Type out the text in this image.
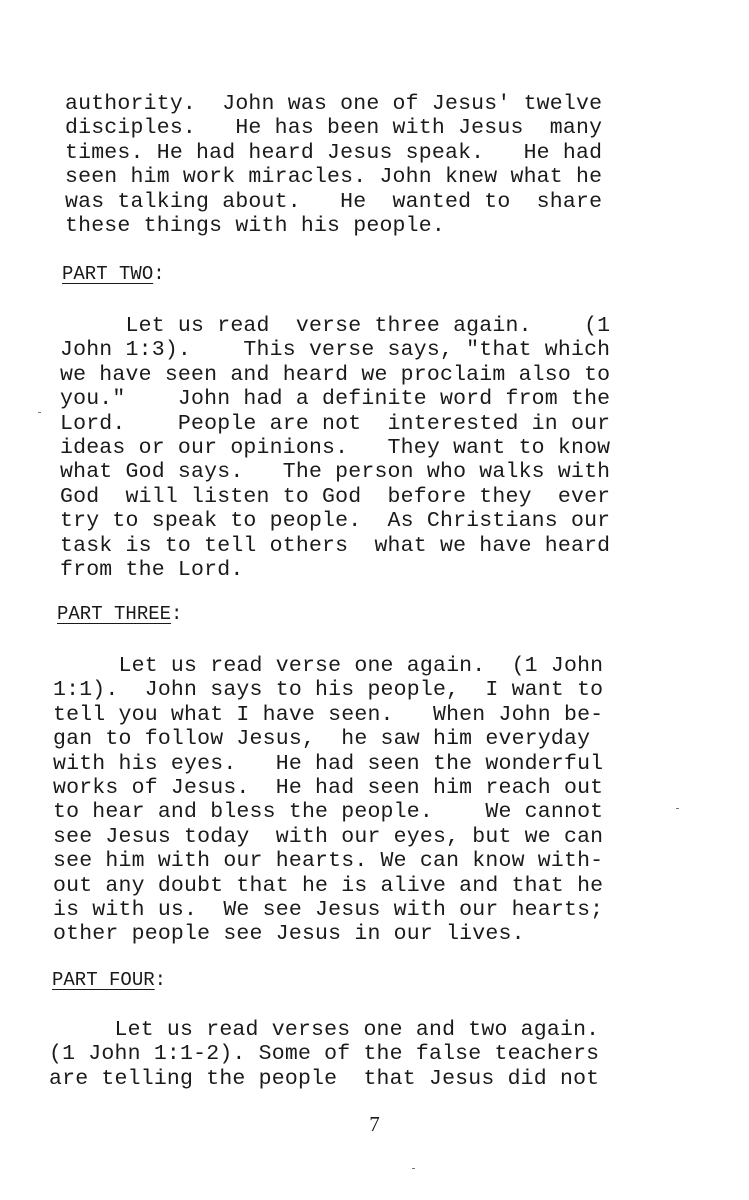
authority.  John was one of Jesus' twelve

disciples.   He has been with Jesus  many

times. He had heard Jesus speak.   He had

seen him work miracles. John knew what he

was talking about.   He  wanted to  share

these things with his people.

PART TWO:

Let us read  verse three again.    (1

John 1:3).    This verse says, "that which

we have seen and heard we proclaim also to

you."    John had a definite word from the

Lord.    People are not  interested in our

ideas or our opinions.   They want to know

what God says.   The person who walks with

God  will listen to God  before they  ever

try to speak to people.  As Christians our

task is to tell others  what we have heard

from the Lord.

PART THREE:

Let us read verse one again.  (1 John

1:1).  John says to his people,  I want to

tell you what I have seen.   When John be-

gan to follow Jesus,  he saw him everyday

with his eyes.   He had seen the wonderful

works of Jesus.  He had seen him reach out

to hear and bless the people.    We cannot

see Jesus today  with our eyes, but we can

see him with our hearts. We can know with-

out any doubt that he is alive and that he

is with us.  We see Jesus with our hearts;

other people see Jesus in our lives.

PART FOUR:

Let us read verses one and two again.

(1 John 1:1-2). Some of the false teachers

are telling the people  that Jesus did not

7
